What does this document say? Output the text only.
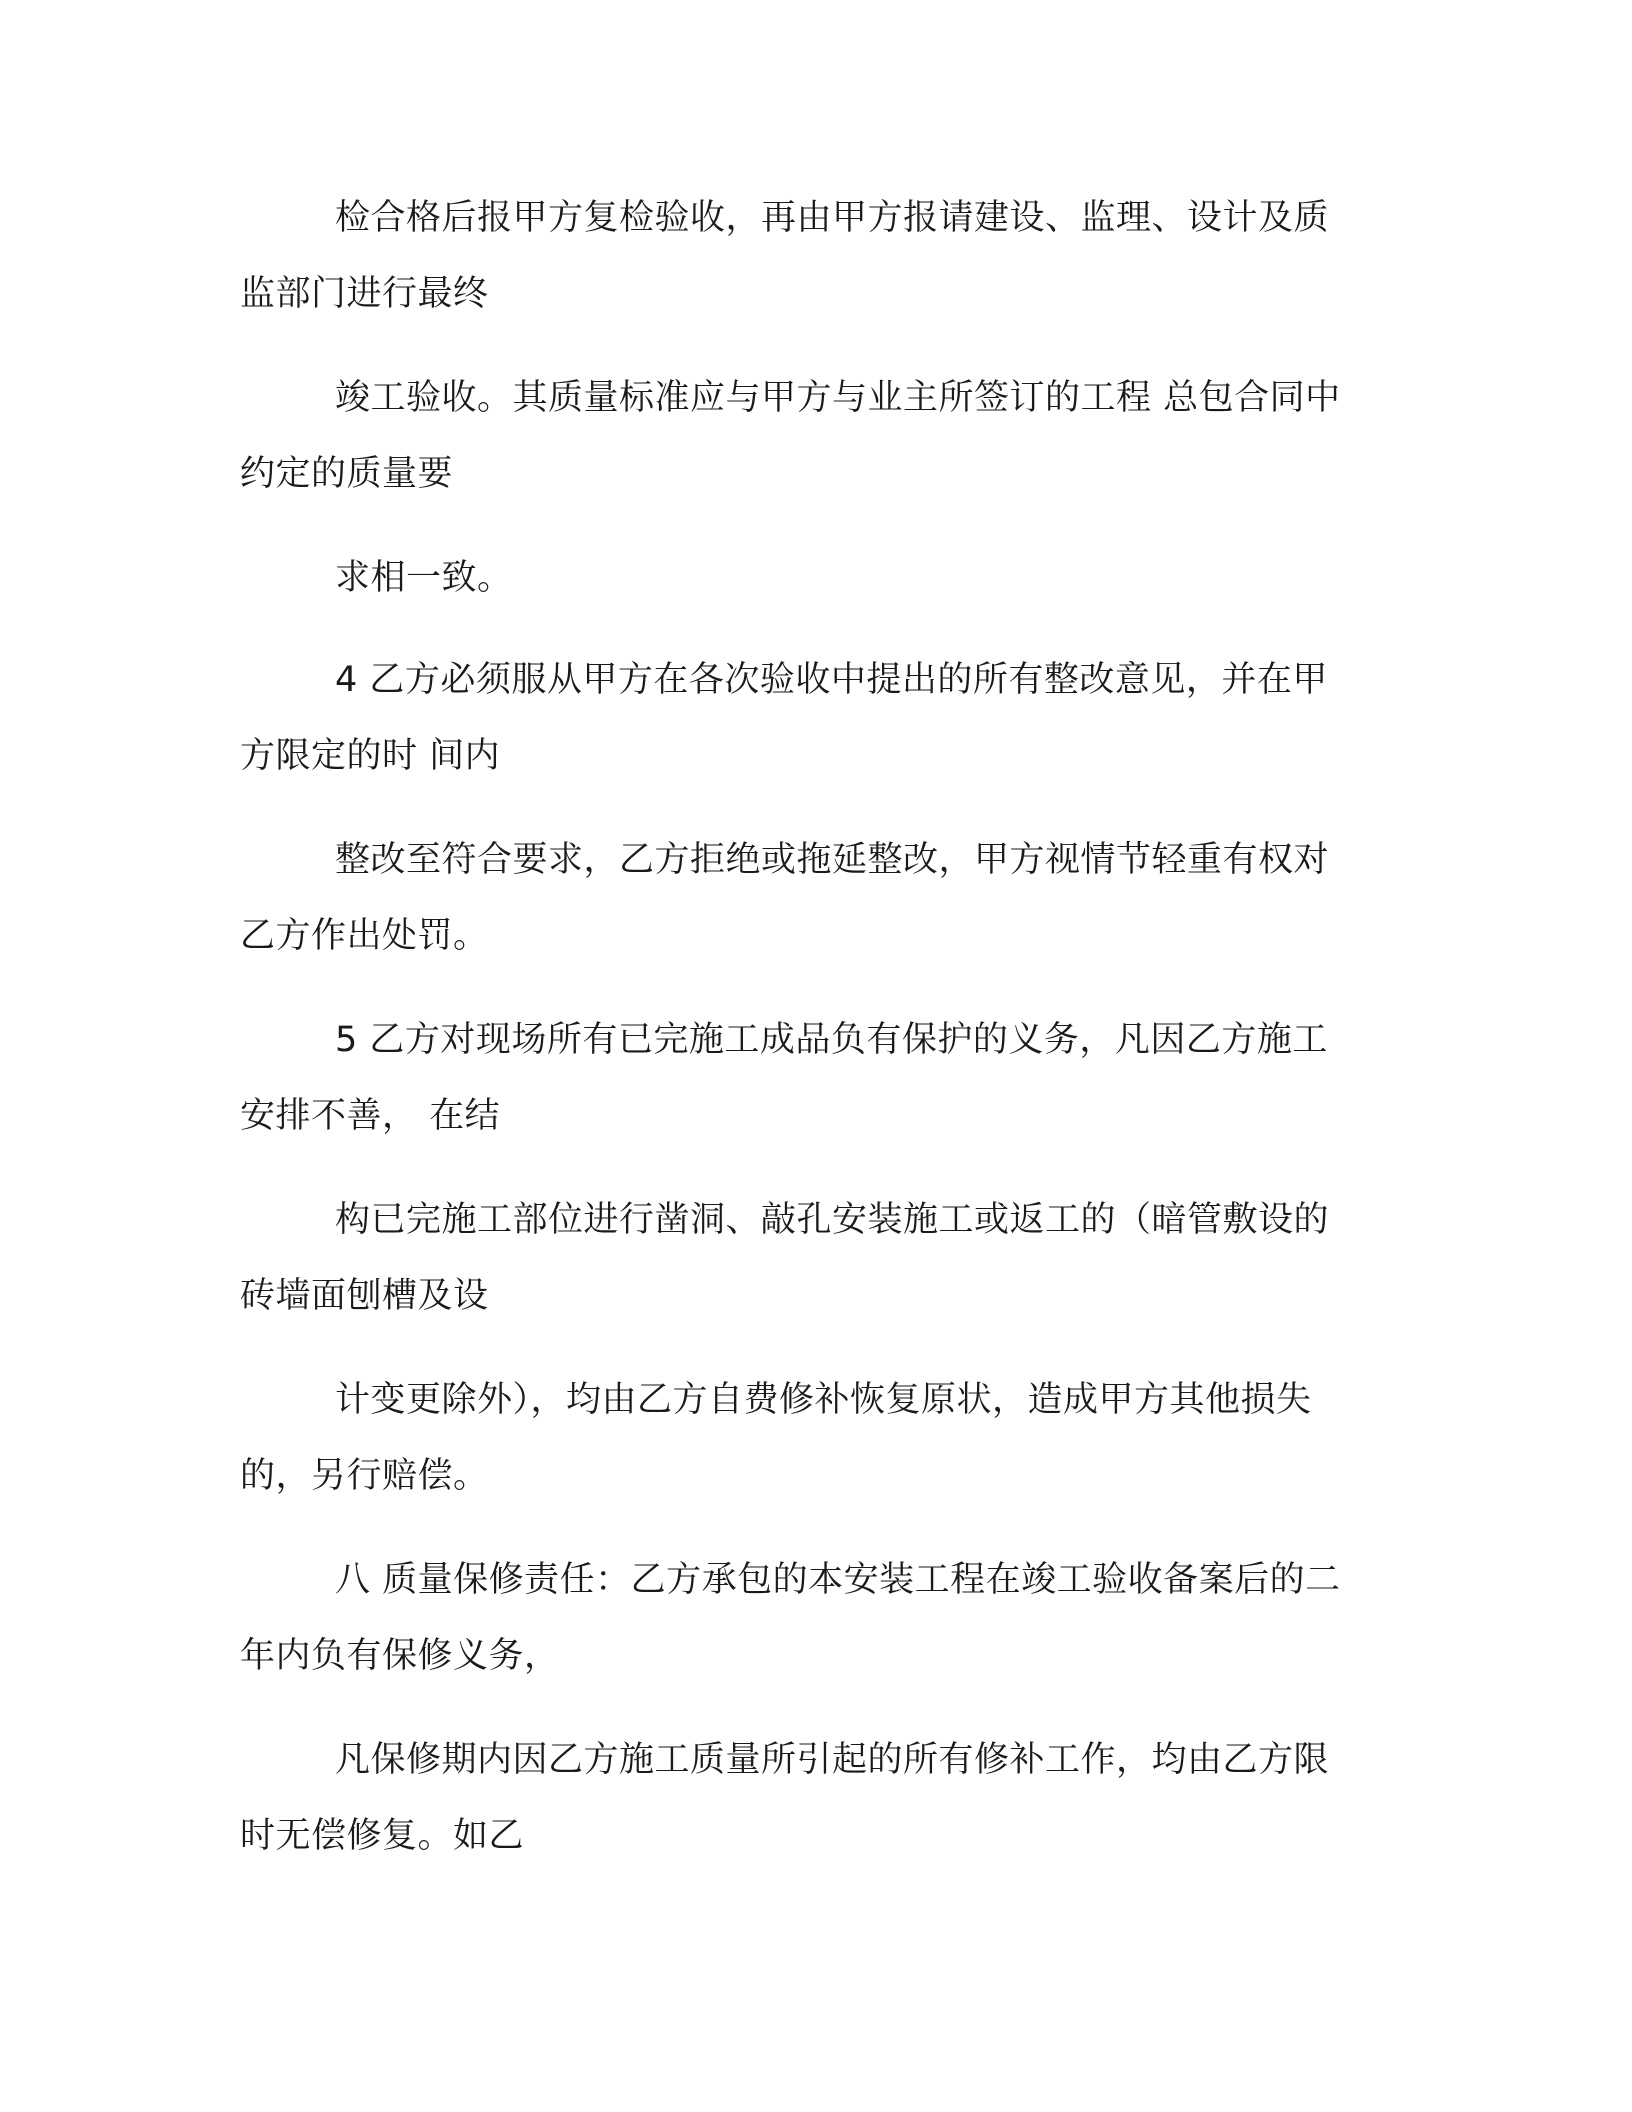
检合格后报甲方复检验收，再由甲方报请建设、监理、设计及质
监部门进行最终

竣工验收。其质量标准应与甲方与业主所签订的工程 总包合同中
约定的质量要

求相一致。

4 乙方必须服从甲方在各次验收中提出的所有整改意见，并在甲
方限定的时 间内

整改至符合要求，乙方拒绝或拖延整改，甲方视情节轻重有权对
乙方作出处罚。

5 乙方对现场所有已完施工成品负有保护的义务，凡因乙方施工
安排不善， 在结

构已完施工部位进行凿洞、敲孔安装施工或返工的（暗管敷设的
砖墙面刨槽及设

计变更除外），均由乙方自费修补恢复原状，造成甲方其他损失
的，另行赔偿。

八 质量保修责任：乙方承包的本安装工程在竣工验收备案后的二
年内负有保修义务，

凡保修期内因乙方施工质量所引起的所有修补工作，均由乙方限
时无偿修复。如乙
